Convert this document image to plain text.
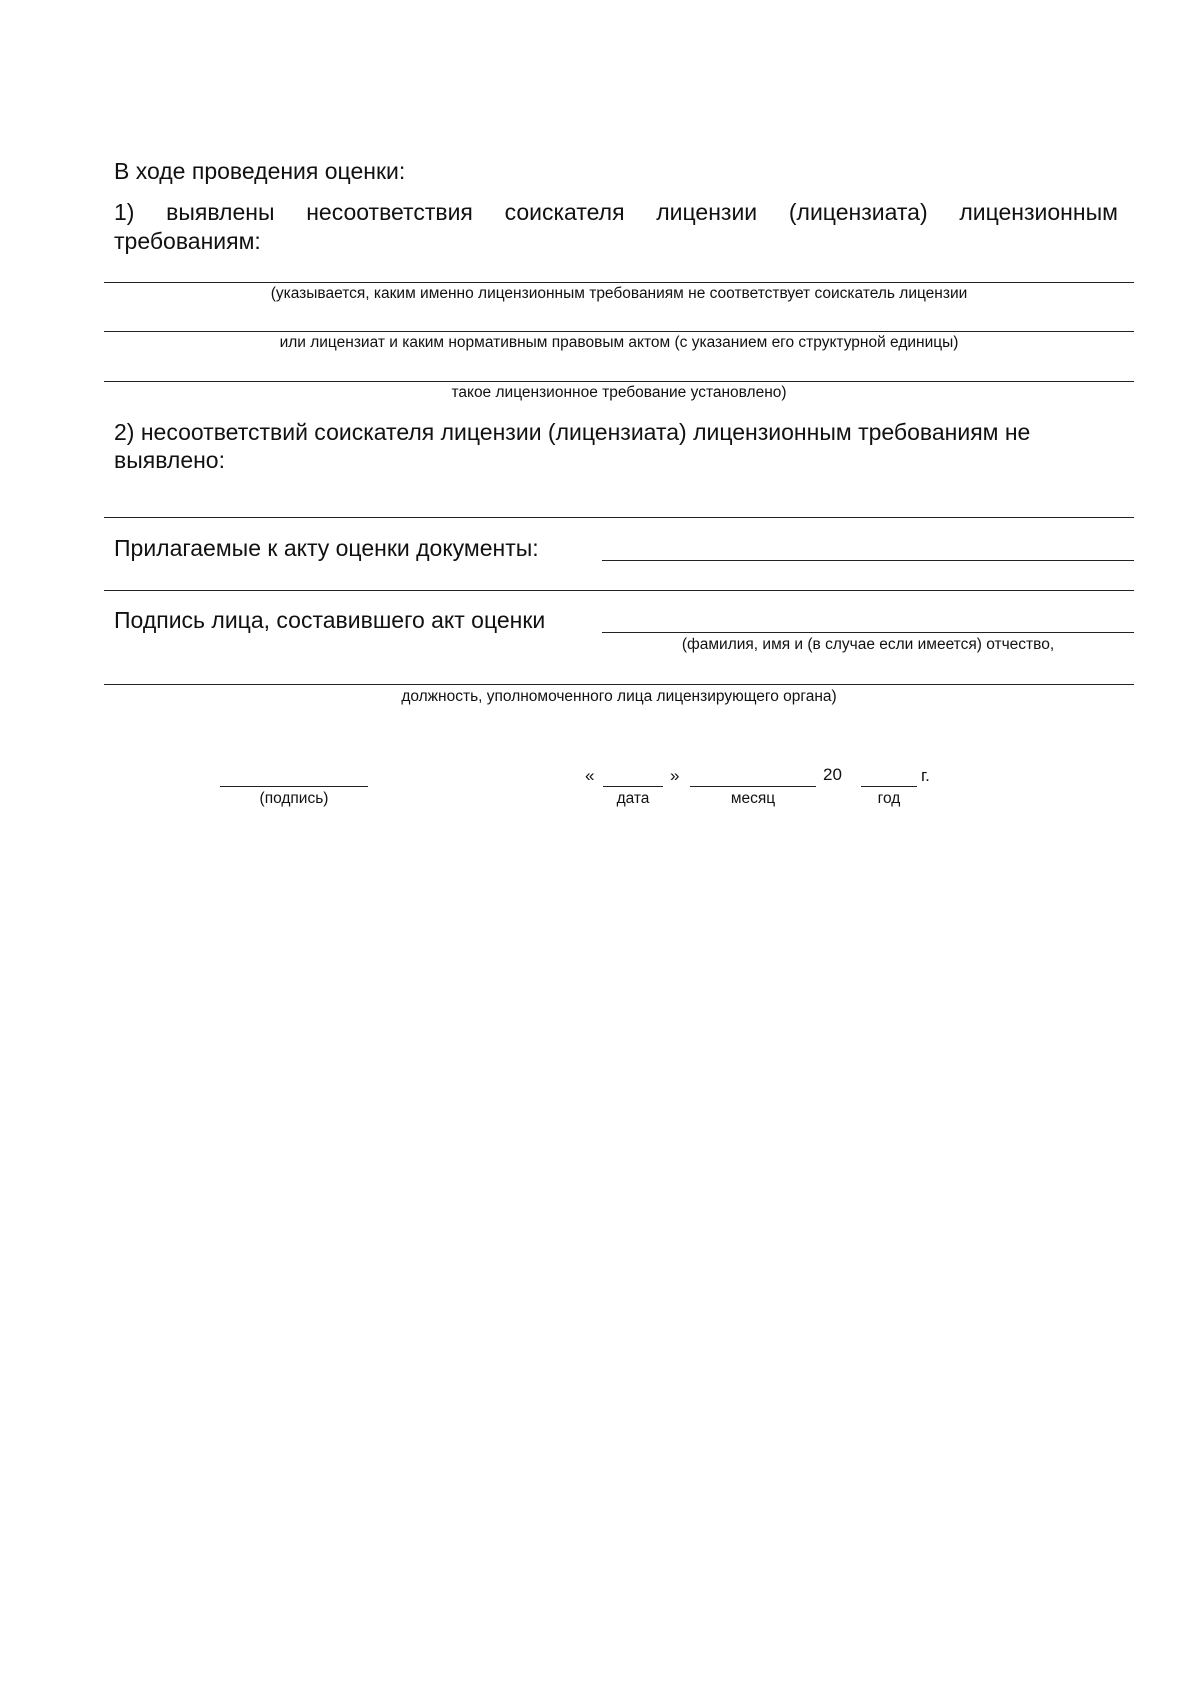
В ходе проведения оценки:
1) выявлены несоответствия соискателя лицензии (лицензиата) лицензионным
требованиям:
(указывается, каким именно лицензионным требованиям не соответствует соискатель лицензии
или лицензиат и каким нормативным правовым актом (с указанием его структурной единицы)
такое лицензионное требование установлено)
2) несоответствий соискателя лицензии (лицензиата) лицензионным требованиям не
выявлено:
Прилагаемые к акту оценки документы:
Подпись лица, составившего акт оценки
(фамилия, имя и (в случае если имеется) отчество,
должность, уполномоченного лица лицензирующего органа)
(подпись)
«
дата
»
месяц
20
год
г.
